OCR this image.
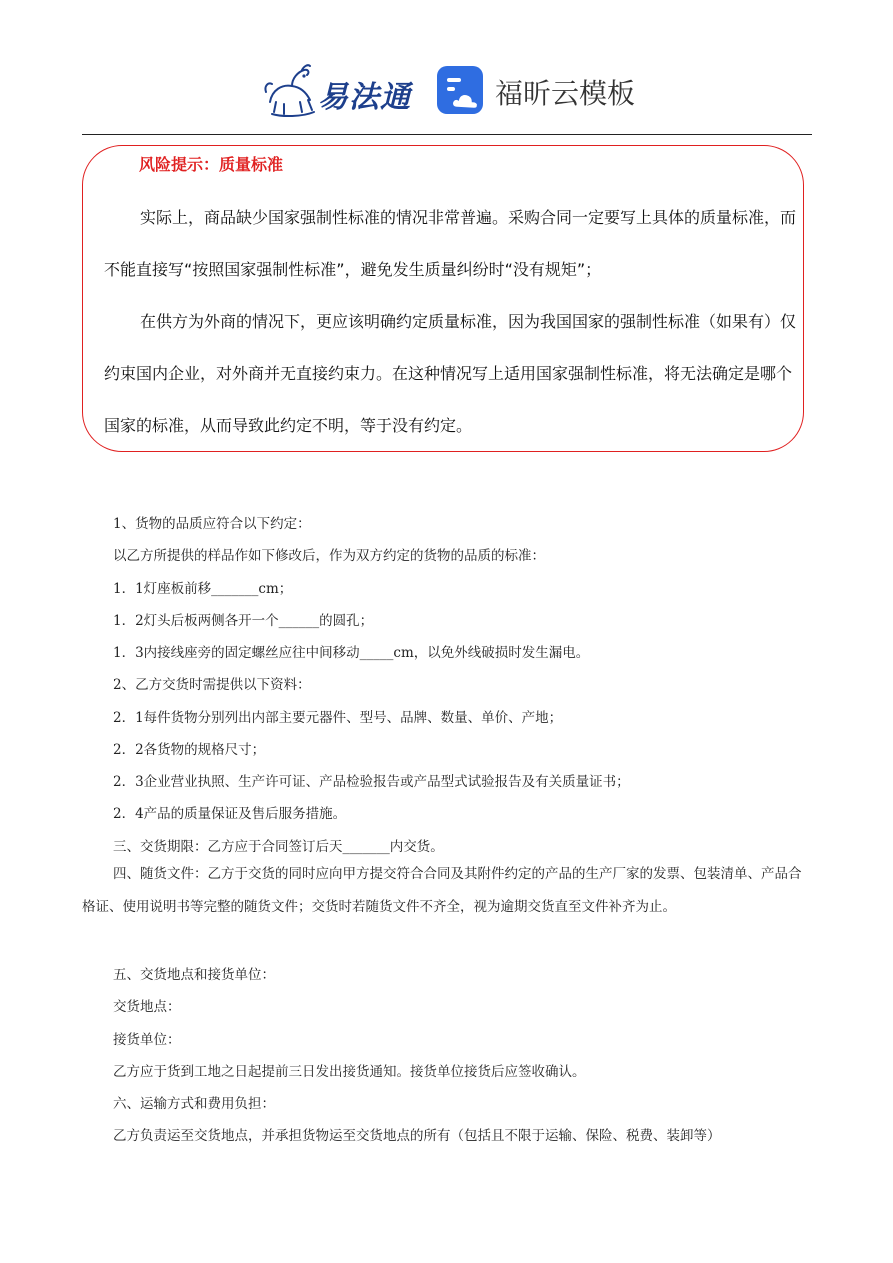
易法通	福昕云模板
风险提示：质量标准

实际上，商品缺少国家强制性标准的情况非常普遍。采购合同一定要写上具体的质量标准，而不能直接写“按照国家强制性标准”，避免发生质量纠纷时“没有规矩”；

在供方为外商的情况下，更应该明确约定质量标准，因为我国国家的强制性标准（如果有）仅约束国内企业，对外商并无直接约束力。在这种情况写上适用国家强制性标准，将无法确定是哪个国家的标准，从而导致此约定不明，等于没有约定。

1、货物的品质应符合以下约定：

以乙方所提供的样品作如下修改后，作为双方约定的货物的品质的标准：

1．1灯座板前移_______cm；

1．2灯头后板两侧各开一个______的圆孔；

1．3内接线座旁的固定螺丝应往中间移动_____cm，以免外线破损时发生漏电。

2、乙方交货时需提供以下资料：

2．1每件货物分别列出内部主要元器件、型号、品牌、数量、单价、产地；

2．2各货物的规格尺寸；

2．3企业营业执照、生产许可证、产品检验报告或产品型式试验报告及有关质量证书；

2．4产品的质量保证及售后服务措施。

三、交货期限：乙方应于合同签订后天_______内交货。

四、随货文件：乙方于交货的同时应向甲方提交符合合同及其附件约定的产品的生产厂家的发票、包装清单、产品合格证、使用说明书等完整的随货文件；交货时若随货文件不齐全，视为逾期交货直至文件补齐为止。

五、交货地点和接货单位：

交货地点：

接货单位：

乙方应于货到工地之日起提前三日发出接货通知。接货单位接货后应签收确认。

六、运输方式和费用负担：

乙方负责运至交货地点，并承担货物运至交货地点的所有（包括且不限于运输、保险、税费、装卸等）
